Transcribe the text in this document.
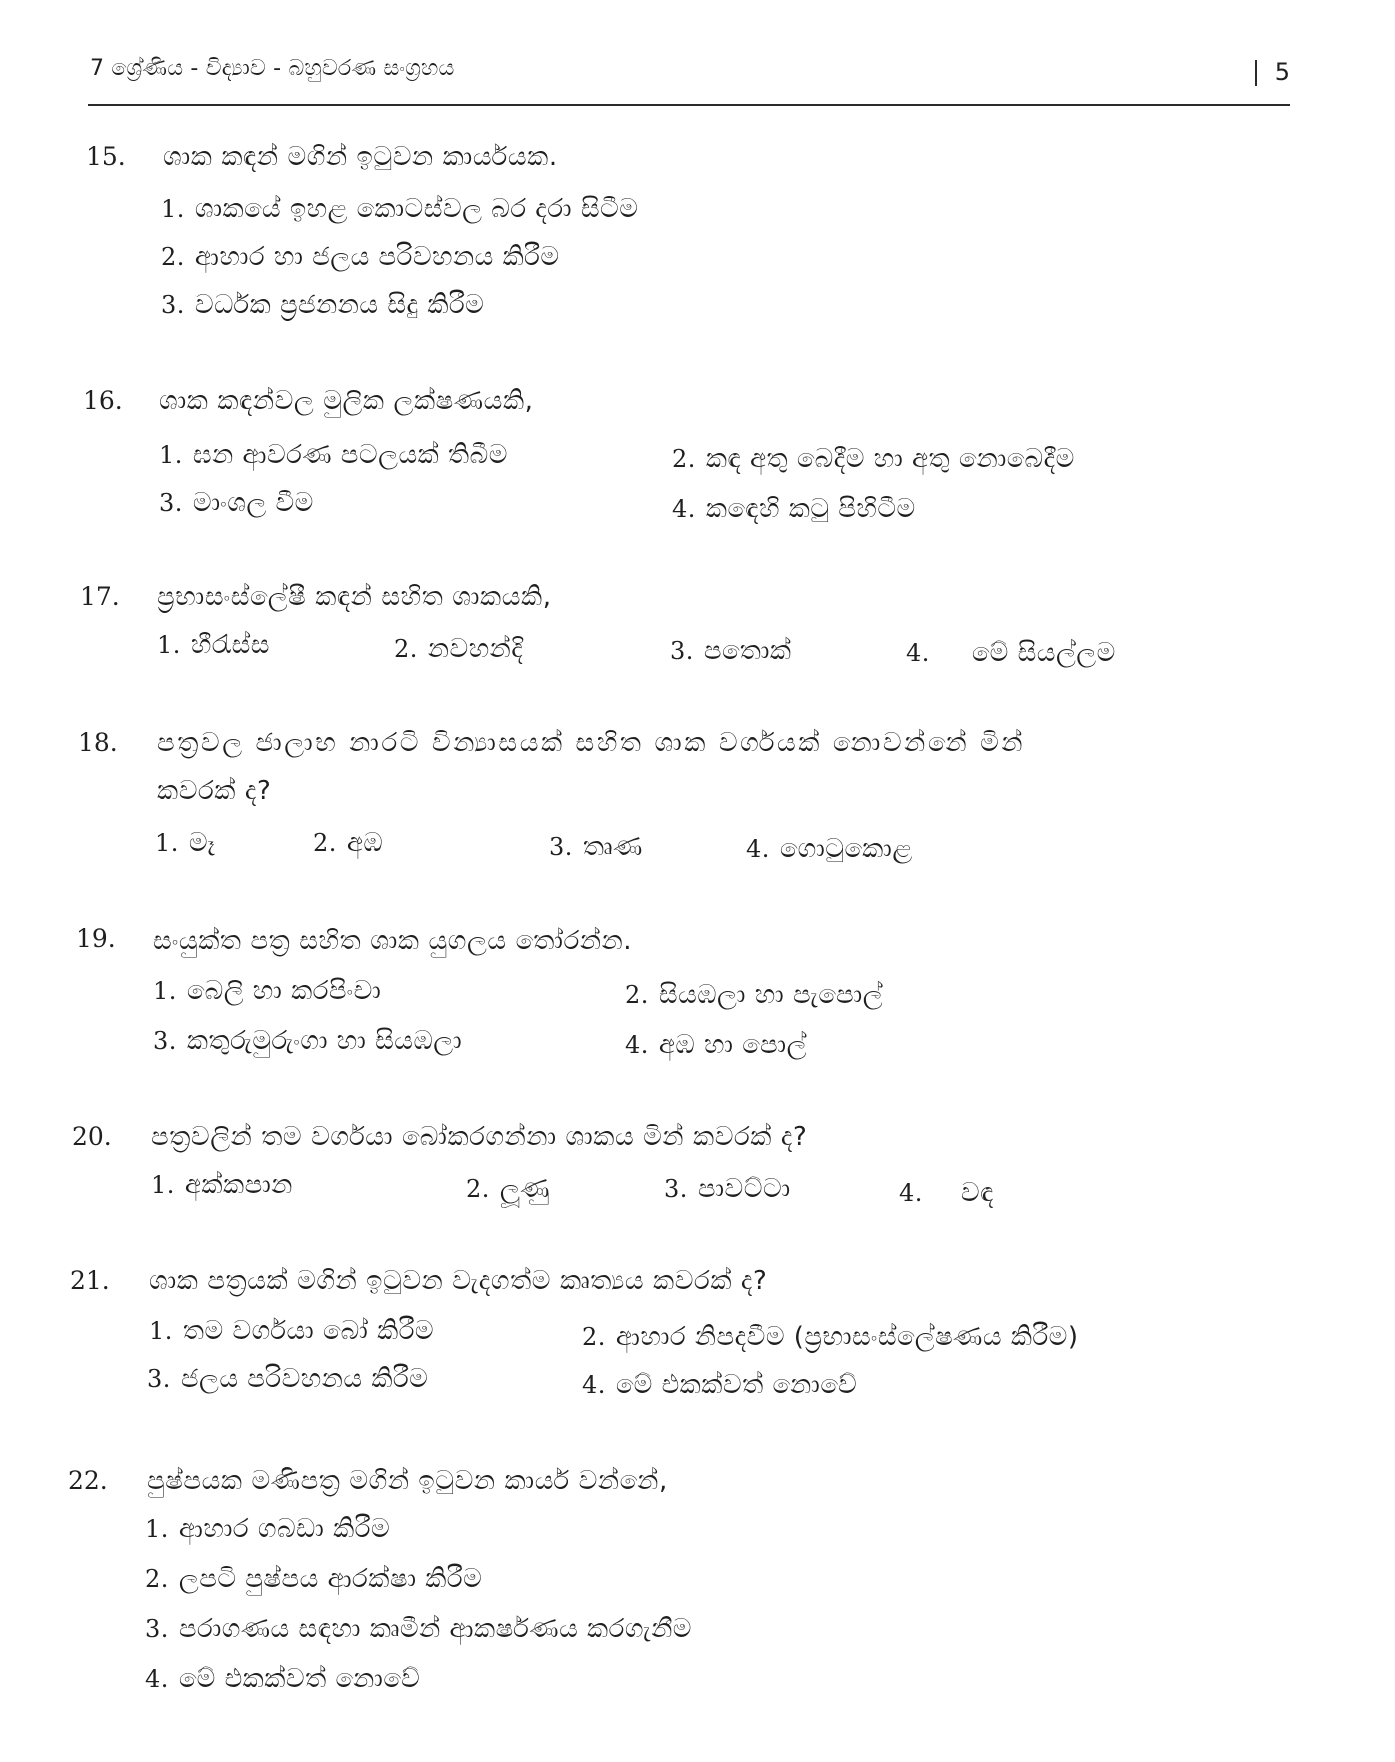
7 ශ්‍රේණිය - විද්‍යාව - බහුවරණ සංග්‍රහය	5
15. ශාක කඳන් මගින් ඉටුවන කාර්යයක.
1. ශාකයේ ඉහළ කොටස්වල බර දරා සිටීම
2. ආහාර හා ජලය පරිවහනය කිරීම
3. වර්ධක ප්‍රජනනය සිදු කිරීම
16. ශාක කඳන්වල මුලික ලක්ෂණයකි,
1. ඝන ආවරණ පටලයක් තිබීම	2. කඳ අතු බෙදීම හා අතු නොබෙදීම
3. මාංශල වීම	4. කඳෙහි කටු පිහිටීම
17. ප්‍රභාසංස්ලේෂී කඳන් සහිත ශාකයකි,
1. හීරැස්ස	2. නවහන්දි	3. පතොක්	4. මේ සියල්ලම
18. පත්‍රවල ජාලාභ නාරටි වින්‍යාසයක් සහිත ශාක වර්ගයක් නොවන්නේ මින්
කවරක් ද?
1. මෑ	2. අඹ	3. තෘණ	4. ගොටුකොළ
19. සංයුක්ත පත්‍ර සහිත ශාක යුගලය තෝරන්න.
1. බෙලි හා කරපිංචා	2. සියඹලා හා පැපොල්
3. කතුරුමුරුංගා හා සියඹලා	4. අඹ හා පොල්
20. පත්‍රවලින් තම වර්ගයා බෝකරගන්නා ශාකය මින් කවරක් ද?
1. අක්කපාන	2. ලූණු	3. පාවට්ටා	4. වඳ
21. ශාක පත්‍රයක් මගින් ඉටුවන වැදගත්ම කෘත්‍යය කවරක් ද?
1. තම වර්ගයා බෝ කිරීම	2. ආහාර නිපදවීම (ප්‍රභාසංස්ලේෂණය කිරීම)
3. ජලය පරිවහනය කිරීම	4. මේ එකක්වත් නොවේ
22. පුෂ්පයක මණිපත්‍ර මගින් ඉටුවන කාර්ය වන්නේ,
1. ආහාර ගබඩා කිරීම
2. ලපටි පුෂ්පය ආරක්ෂා කිරීම
3. පරාගණය සඳහා කෘමීන් ආකර්ෂණය කරගැනීම
4. මේ එකක්වත් නොවේ
